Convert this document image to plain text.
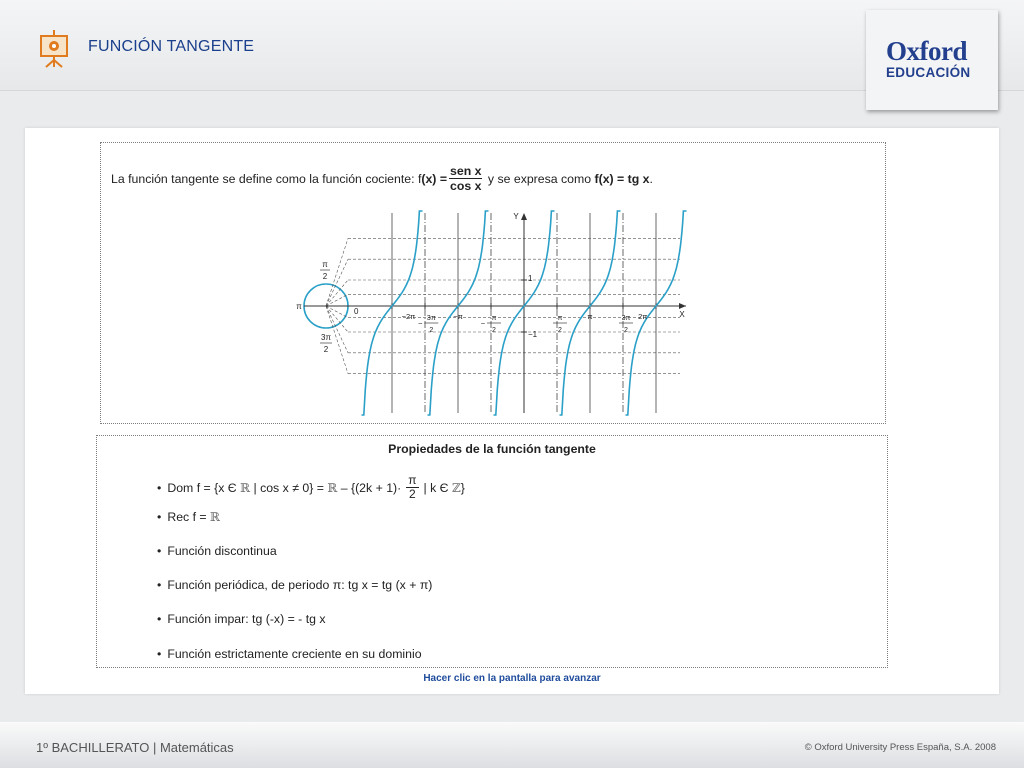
FUNCIÓN TANGENTE	Oxford
EDUCACIÓN
La función tangente se define como la función cociente: f $(x) = \frac{\text{sen x}}{\text{cos x}}$ y se expresa como f(x) = tg x .
Y
X
0
1
−1
π
π
2
3π
2
−2π 3π
2
−
−π	π
2
−
π
2
π	3π
2
2π
Propiedades de la función tangente
• Dom f = {x Є ℝ | cos x ≠ 0} = ℝ – {$(2k + 1)\cdot \frac{\pi}{2}$ | k Є ℤ }
• Rec f = ℝ
• Función discontinua
• Función periódica, de periodo π: tg x = tg (x + π)
• Función impar: tg (-x) = - tg x
• Función estrictamente creciente en su dominio
Hacer clic en la pantalla para avanzar
1º BACHILLERATO | Matemáticas	© Oxford University Press España, S.A. 2008
